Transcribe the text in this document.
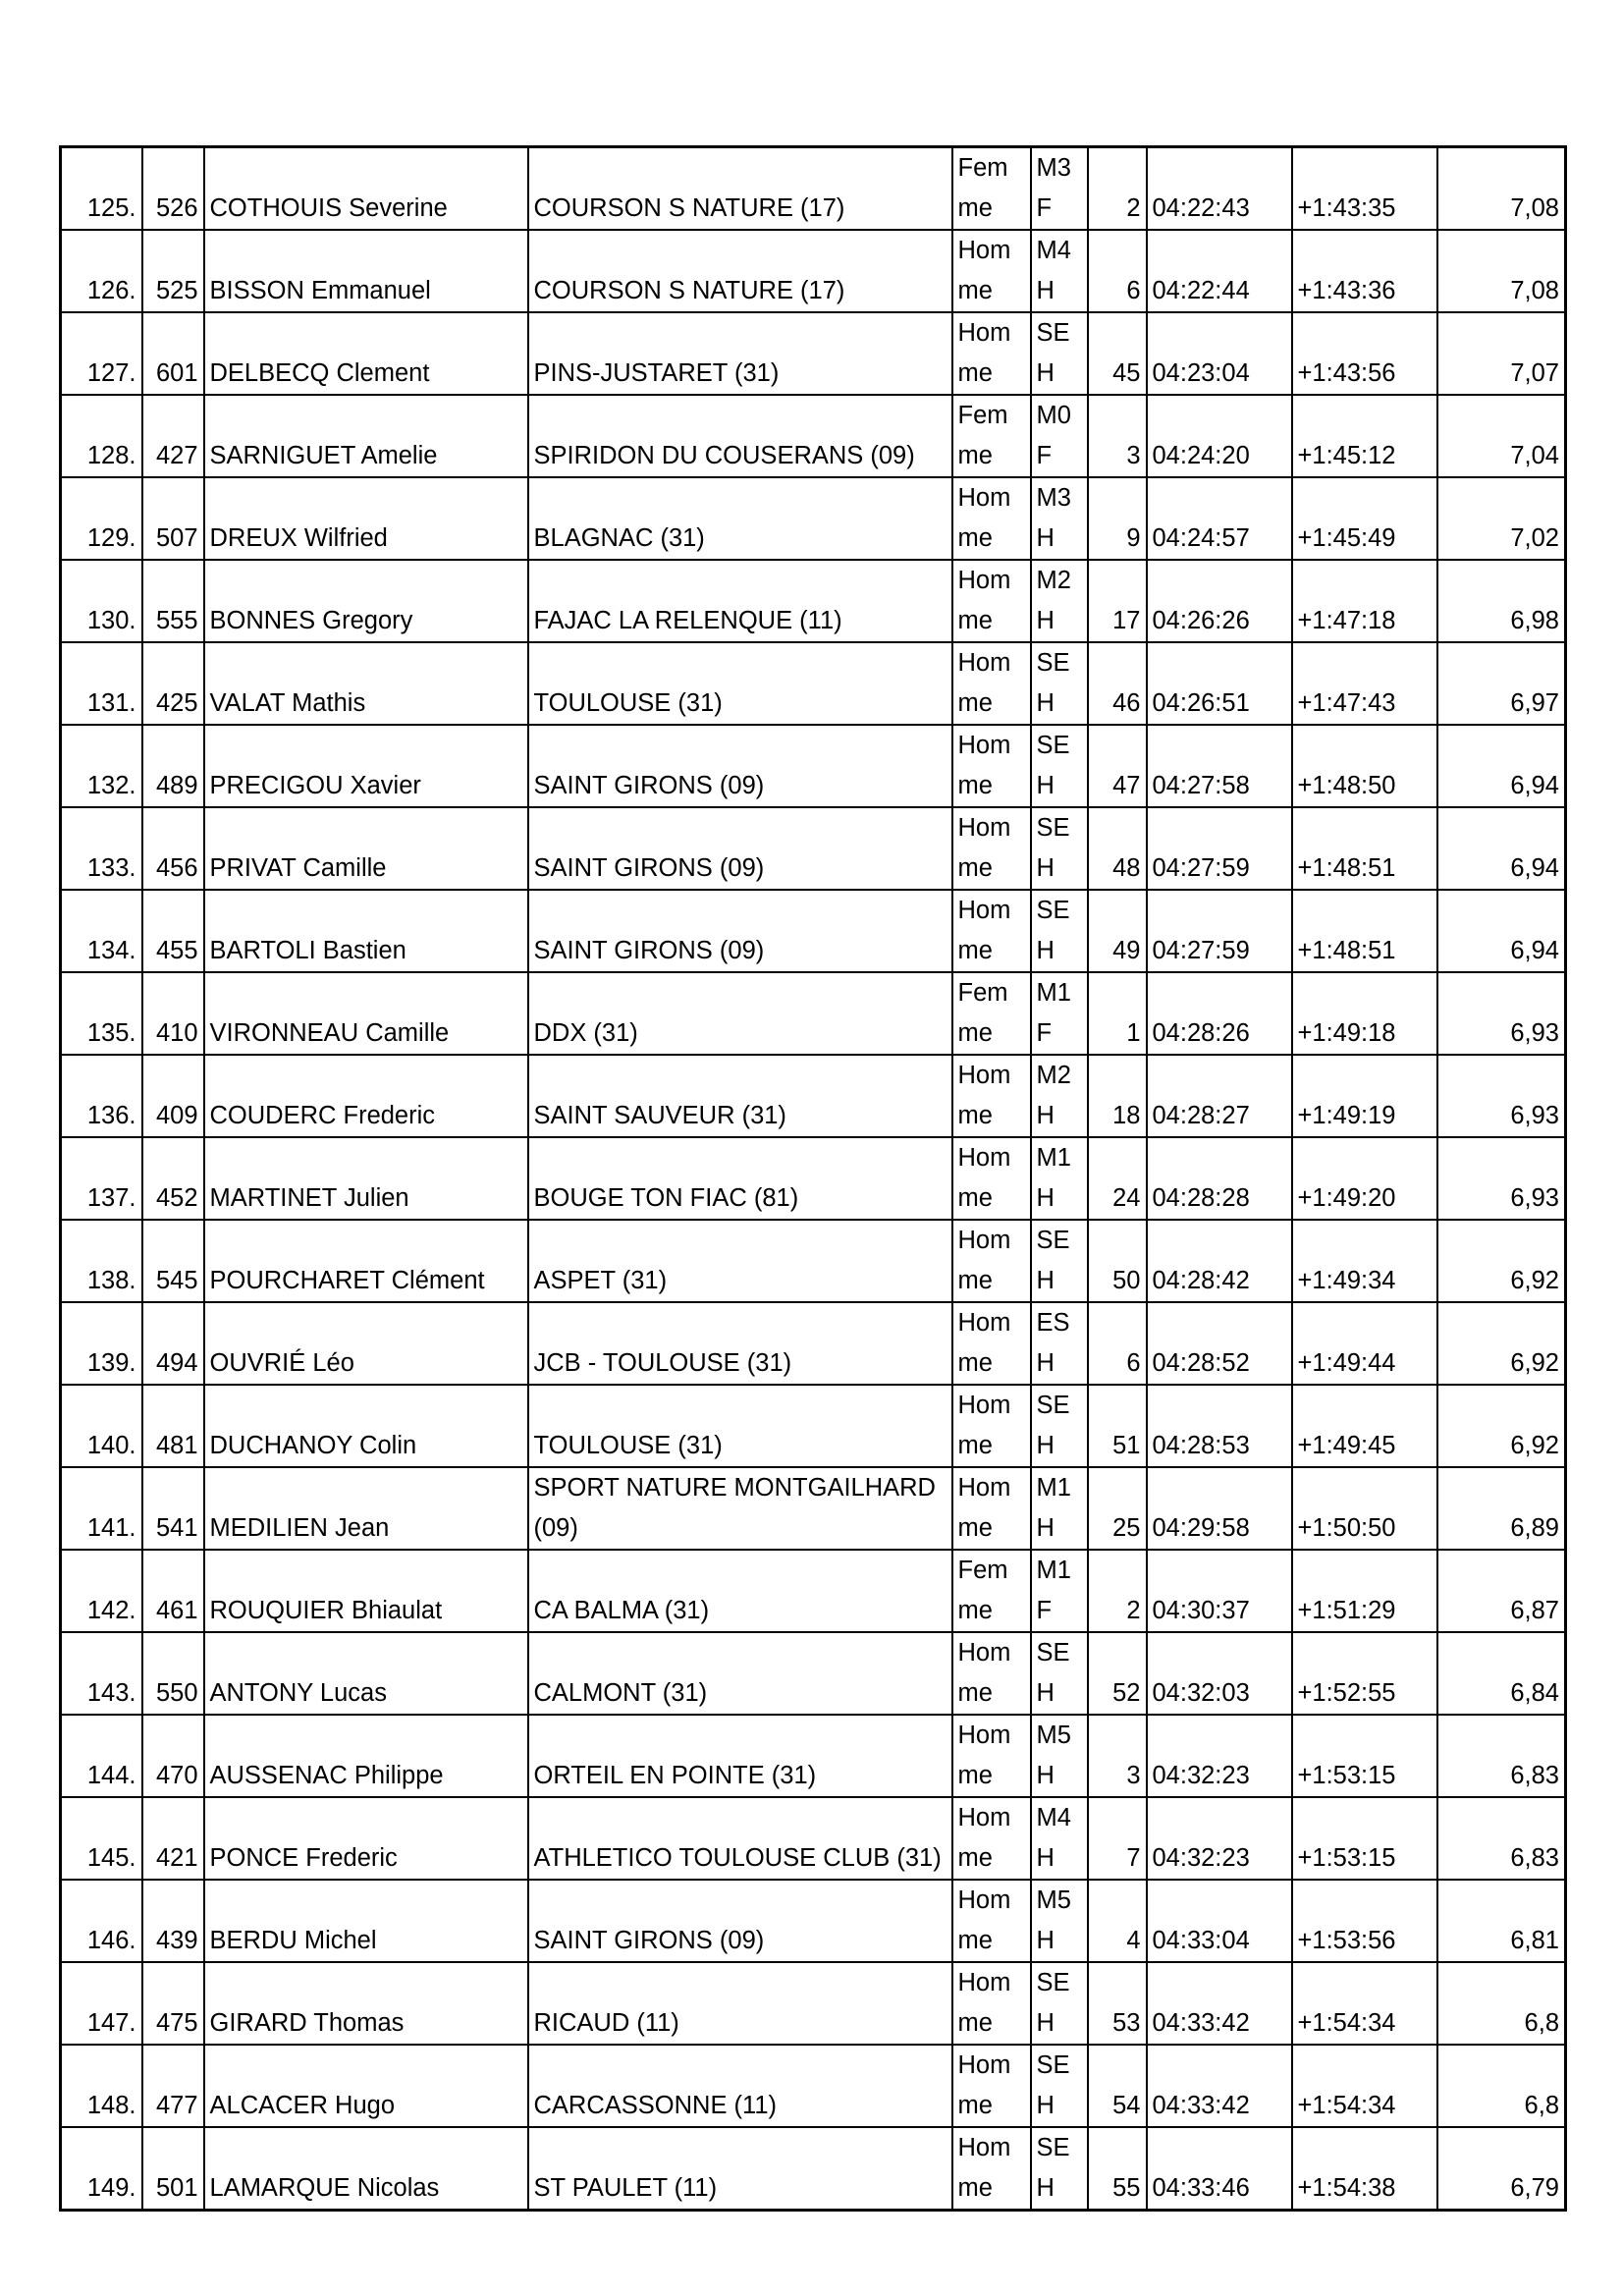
125.	526	COTHOUIS Severine	COURSON S NATURE (17)	Femme	M3F	2	04:22:43	+1:43:35	7,08
126.	525	BISSON Emmanuel	COURSON S NATURE (17)	Homme	M4H	6	04:22:44	+1:43:36	7,08
127.	601	DELBECQ Clement	PINS-JUSTARET (31)	Homme	SEH	45	04:23:04	+1:43:56	7,07
128.	427	SARNIGUET Amelie	SPIRIDON DU COUSERANS (09)	Femme	M0F	3	04:24:20	+1:45:12	7,04
129.	507	DREUX Wilfried	BLAGNAC (31)	Homme	M3H	9	04:24:57	+1:45:49	7,02
130.	555	BONNES Gregory	FAJAC LA RELENQUE (11)	Homme	M2H	17	04:26:26	+1:47:18	6,98
131.	425	VALAT Mathis	TOULOUSE (31)	Homme	SEH	46	04:26:51	+1:47:43	6,97
132.	489	PRECIGOU Xavier	SAINT GIRONS (09)	Homme	SEH	47	04:27:58	+1:48:50	6,94
133.	456	PRIVAT Camille	SAINT GIRONS (09)	Homme	SEH	48	04:27:59	+1:48:51	6,94
134.	455	BARTOLI Bastien	SAINT GIRONS (09)	Homme	SEH	49	04:27:59	+1:48:51	6,94
135.	410	VIRONNEAU Camille	DDX (31)	Femme	M1F	1	04:28:26	+1:49:18	6,93
136.	409	COUDERC Frederic	SAINT SAUVEUR (31)	Homme	M2H	18	04:28:27	+1:49:19	6,93
137.	452	MARTINET Julien	BOUGE TON FIAC (81)	Homme	M1H	24	04:28:28	+1:49:20	6,93
138.	545	POURCHARET Clément	ASPET (31)	Homme	SEH	50	04:28:42	+1:49:34	6,92
139.	494	OUVRIÉ Léo	JCB - TOULOUSE (31)	Homme	ESH	6	04:28:52	+1:49:44	6,92
140.	481	DUCHANOY Colin	TOULOUSE (31)	Homme	SEH	51	04:28:53	+1:49:45	6,92
141.	541	MEDILIEN Jean	SPORT NATURE MONTGAILHARD (09)	Homme	M1H	25	04:29:58	+1:50:50	6,89
142.	461	ROUQUIER Bhiaulat	CA BALMA (31)	Femme	M1F	2	04:30:37	+1:51:29	6,87
143.	550	ANTONY Lucas	CALMONT (31)	Homme	SEH	52	04:32:03	+1:52:55	6,84
144.	470	AUSSENAC Philippe	ORTEIL EN POINTE (31)	Homme	M5H	3	04:32:23	+1:53:15	6,83
145.	421	PONCE Frederic	ATHLETICO TOULOUSE CLUB (31)	Homme	M4H	7	04:32:23	+1:53:15	6,83
146.	439	BERDU Michel	SAINT GIRONS (09)	Homme	M5H	4	04:33:04	+1:53:56	6,81
147.	475	GIRARD Thomas	RICAUD (11)	Homme	SEH	53	04:33:42	+1:54:34	6,8
148.	477	ALCACER Hugo	CARCASSONNE (11)	Homme	SEH	54	04:33:42	+1:54:34	6,8
149.	501	LAMARQUE Nicolas	ST PAULET (11)	Homme	SEH	55	04:33:46	+1:54:38	6,79
